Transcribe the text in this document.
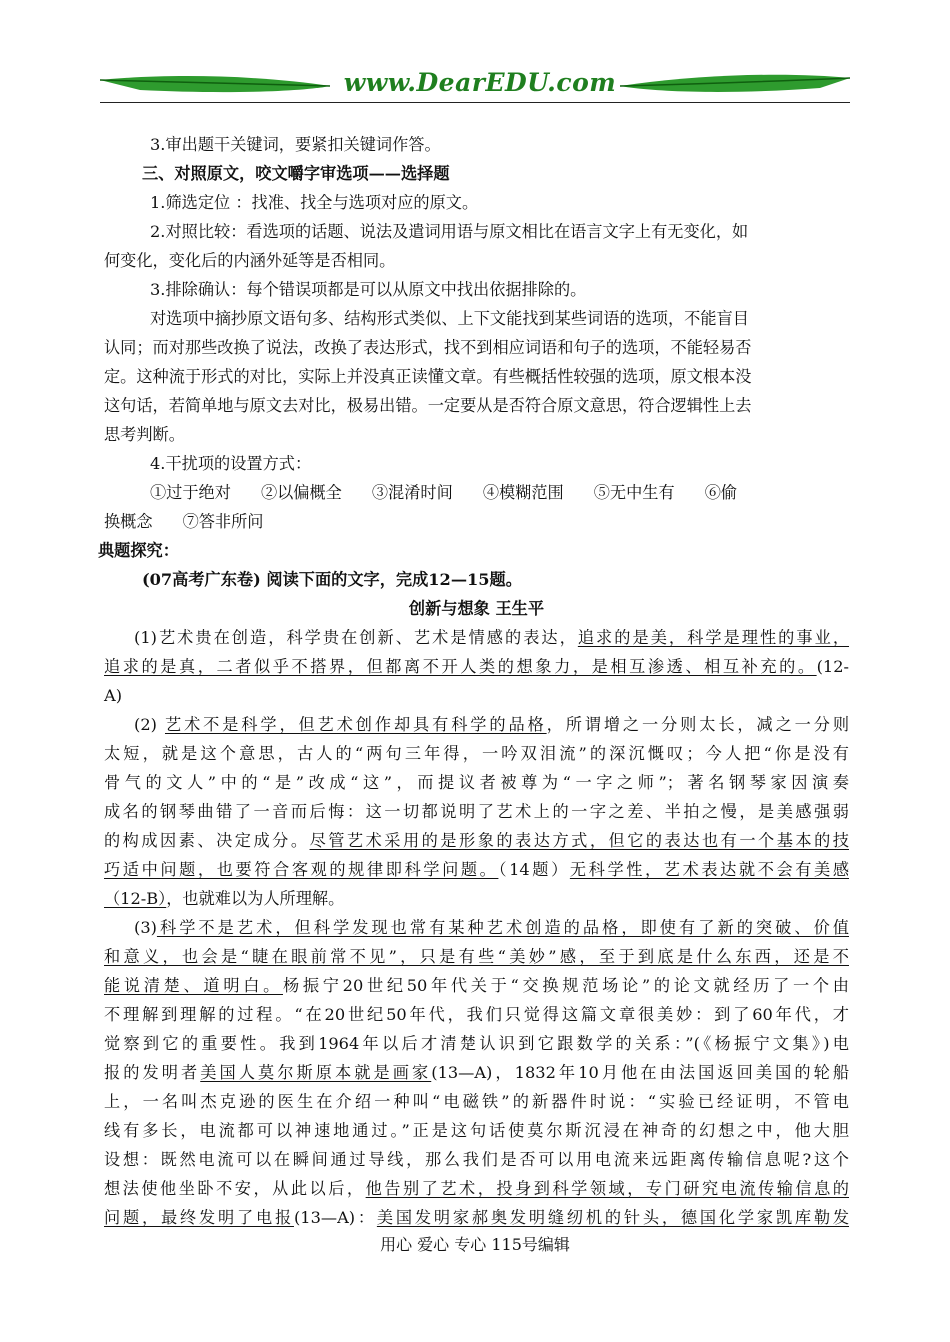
www.DearEDU.com
3.审出题干关键词，要紧扣关键词作答。
三、对照原文，咬文嚼字审选项——选择题
1.筛选定位 ：找准、找全与选项对应的原文。
2.对照比较：看选项的话题、说法及遣词用语与原文相比在语言文字上有无变化，如
何变化，变化后的内涵外延等是否相同。
3.排除确认：每个错误项都是可以从原文中找出依据排除的。
对选项中摘抄原文语句多、结构形式类似、上下文能找到某些词语的选项，不能盲目
认同；而对那些改换了说法，改换了表达形式，找不到相应词语和句子的选项，不能轻易否
定。这种流于形式的对比，实际上并没真正读懂文章。有些概括性较强的选项，原文根本没
这句话，若简单地与原文去对比，极易出错。一定要从是否符合原文意思，符合逻辑性上去
思考判断。
4.干扰项的设置方式：
①过于绝对 ②以偏概全 ③混淆时间 ④模糊范围 ⑤无中生有 ⑥偷
换概念 ⑦答非所问
典题探究：
(07高考广东卷) 阅读下面的文字，完成12—15题。
创新与想象 王生平
(1)艺术贵在创造，科学贵在创新、艺术是情感的表达，追求的是美，科学是理性的事业，
追求的是真，二者似乎不搭界，但都离不开人类的想象力，是相互渗透、相互补充的。(12-
A)
(2) 艺术不是科学，但艺术创作却具有科学的品格，所谓增之一分则太长，减之一分则
太短，就是这个意思，古人的“两句三年得，一吟双泪流”的深沉慨叹；今人把“你是没有
骨气的文人”中的“是”改成“这”，而提议者被尊为“一字之师”；著名钢琴家因演奏
成名的钢琴曲错了一音而后悔：这一切都说明了艺术上的一字之差、半拍之慢，是美感强弱
的构成因素、决定成分。尽管艺术采用的是形象的表达方式，但它的表达也有一个基本的技
巧适中问题，也要符合客观的规律即科学问题。（14题）无科学性，艺术表达就不会有美感
（12-B），也就难以为人所理解。
(3)科学不是艺术，但科学发现也常有某种艺术创造的品格，即使有了新的突破、价值
和意义，也会是“睫在眼前常不见”，只是有些“美妙”感，至于到底是什么东西，还是不
能说清楚、道明白。杨振宁20世纪50年代关于“交换规范场论”的论文就经历了一个由
不理解到理解的过程。“在20世纪50年代，我们只觉得这篇文章很美妙：到了60年代，才
觉察到它的重要性。我到1964年以后才清楚认识到它跟数学的关系：”(《杨振宁文集》)电
报的发明者美国人莫尔斯原本就是画家(13—A)，1832年10月他在由法国返回美国的轮船
上，一名叫杰克逊的医生在介绍一种叫“电磁铁”的新器件时说：“实验已经证明，不管电
线有多长，电流都可以神速地通过。”正是这句话使莫尔斯沉浸在神奇的幻想之中，他大胆
设想：既然电流可以在瞬间通过导线，那么我们是否可以用电流来远距离传输信息呢?这个
想法使他坐卧不安，从此以后，他告别了艺术，投身到科学领域，专门研究电流传输信息的
问题，最终发明了电报(13—A)：美国发明家郝奥发明缝纫机的针头，德国化学家凯库勒发
用心 爱心 专心 115号编辑
